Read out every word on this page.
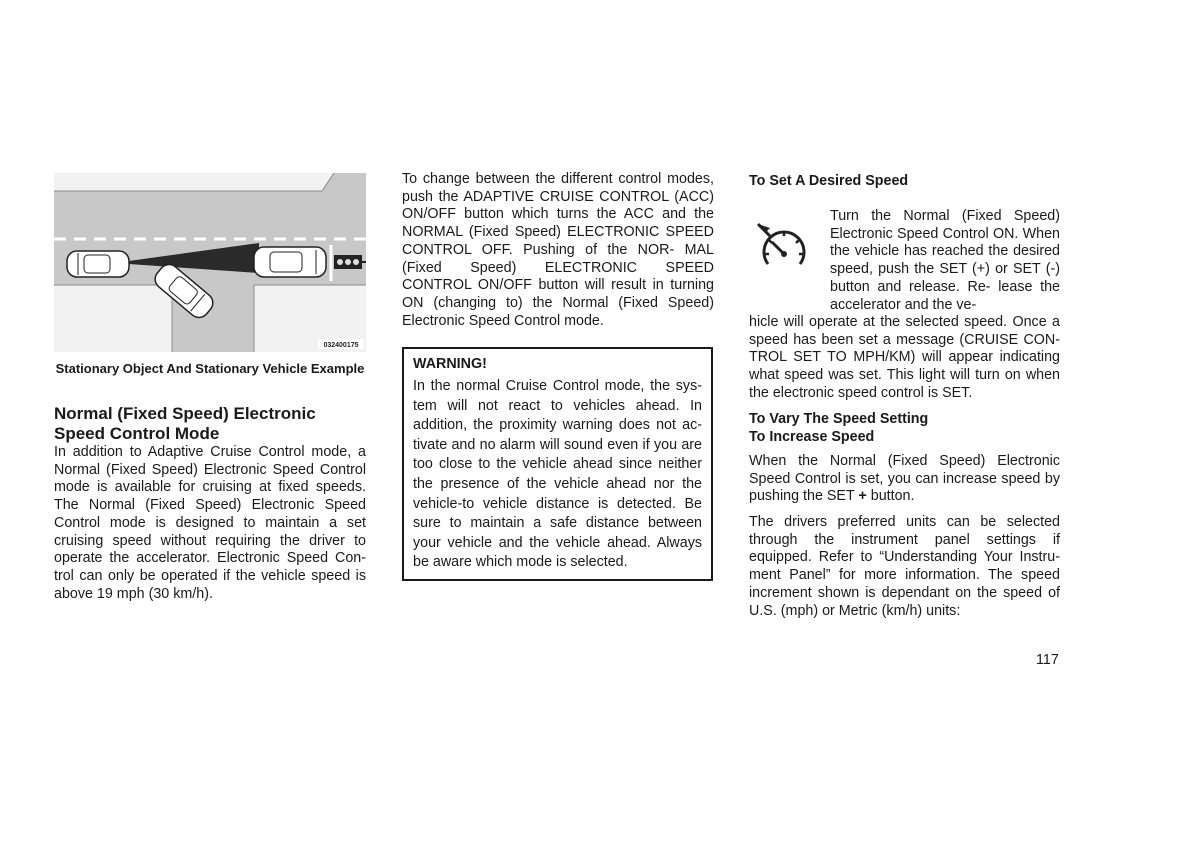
032400175
Stationary Object And Stationary Vehicle Example
Normal (Fixed Speed) Electronic Speed Control Mode

In addition to Adaptive Cruise Control mode, a Normal (Fixed Speed) Electronic Speed Control mode is available for cruising at fixed speeds. The Normal (Fixed Speed) Electronic Speed Control mode is designed to maintain a set cruising speed without requiring the driver to operate the accelerator. Electronic Speed Con- trol can only be operated if the vehicle speed is above 19 mph (30 km/h).

To change between the different control modes, push the ADAPTIVE CRUISE CONTROL (ACC) ON/OFF button which turns the ACC and the NORMAL (Fixed Speed) ELECTRONIC SPEED CONTROL OFF. Pushing of the NOR- MAL (Fixed Speed) ELECTRONIC SPEED CONTROL ON/OFF button will result in turning ON (changing to) the Normal (Fixed Speed) Electronic Speed Control mode.

WARNING!

In the normal Cruise Control mode, the sys- tem will not react to vehicles ahead. In addition, the proximity warning does not ac- tivate and no alarm will sound even if you are too close to the vehicle ahead since neither the presence of the vehicle ahead nor the vehicle-to vehicle distance is detected. Be sure to maintain a safe distance between your vehicle and the vehicle ahead. Always be aware which mode is selected.

To Set A Desired Speed

Turn the Normal (Fixed Speed) Electronic Speed Control ON. When the vehicle has reached the desired speed, push the SET (+) or SET (-) button and release. Re- lease the accelerator and the ve-

hicle will operate at the selected speed. Once a speed has been set a message (CRUISE CON- TROL SET TO MPH/KM) will appear indicating what speed was set. This light will turn on when the electronic speed control is SET.

To Vary The Speed Setting

To Increase Speed

When the Normal (Fixed Speed) Electronic Speed Control is set, you can increase speed by pushing the SET + button.

The drivers preferred units can be selected through the instrument panel settings if equipped. Refer to “Understanding Your Instru- ment Panel” for more information. The speed increment shown is dependant on the speed of U.S. (mph) or Metric (km/h) units:

117
